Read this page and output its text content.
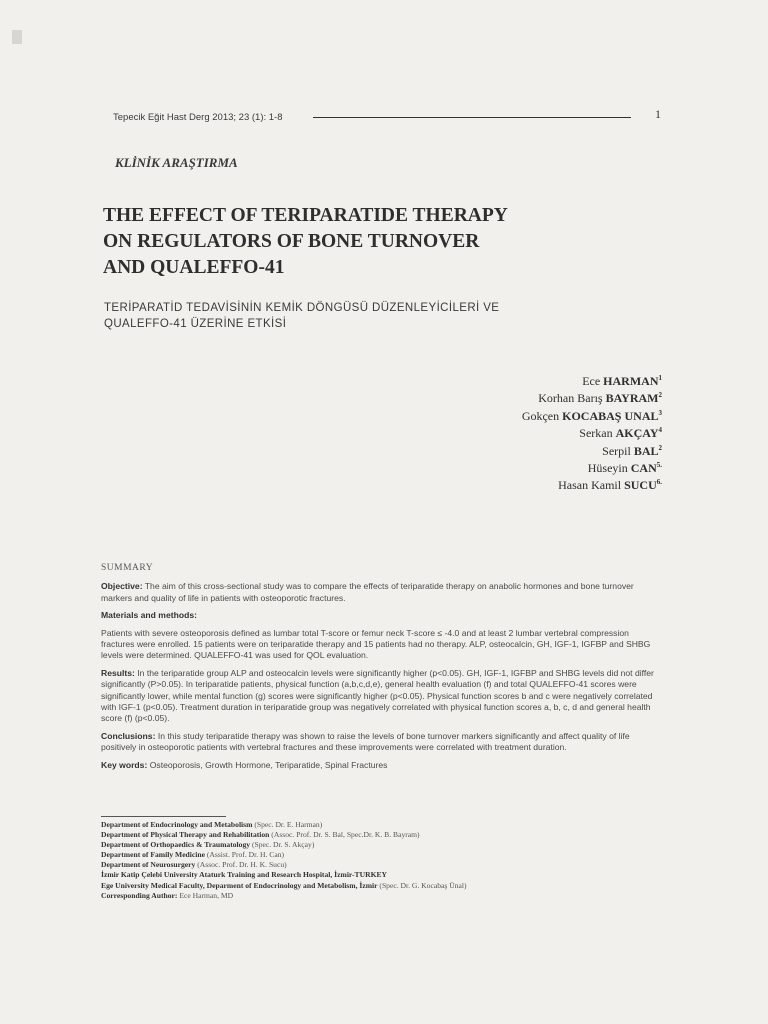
Tepecik Eğit Hast Derg 2013; 23 (1): 1-8	1
KLİNİK ARAŞTIRMA
THE EFFECT OF TERIPARATIDE THERAPY
ON REGULATORS OF BONE TURNOVER
AND QUALEFFO-41
TERİPARATİD TEDAVİSİNİN KEMİK DÖNGÜSÜ DÜZENLEYİCİLERİ VE
QUALEFFO-41 ÜZERİNE ETKİSİ
Ece HARMAN$^1$
Korhan Barış BAYRAM$^2$
Gokçen KOCABAŞ UNAL$^3$
Serkan AKÇAY$^4$
Serpil BAL$^2$
Hüseyin $CAN^{5.}$
Hasan Kamil $SUCU^{6.}$
SUMMARY

Objective: The aim of this cross-sectional study was to compare the effects of teriparatide therapy on anabolic hormones and bone turnover markers and quality of life in patients with osteoporotic fractures.

Materials and methods:

Patients with severe osteoporosis defined as lumbar total T-score or femur neck T-score ≤ -4.0 and at least 2 lumbar vertebral compression fractures were enrolled. 15 patients were on teriparatide therapy and 15 patients had no therapy. ALP, osteocalcin, GH, IGF-1, IGFBP and SHBG levels were determined. QUALEFFO-41 was used for QOL evaluation.

Results: In the teriparatide group ALP and osteocalcin levels were significantly higher (p<0.05). GH, IGF-1, IGFBP and SHBG levels did not differ significantly (P>0.05). In teriparatide patients, physical function (a,b,c,d,e), general health evaluation (f) and total QUALEFFO-41 scores were significantly lower, while mental function (g) scores were significantly higher (p<0.05). Physical function scores b and c were negatively correlated with IGF-1 (p<0.05). Treatment duration in teriparatide group was negatively correlated with physical function scores a, b, c, d and general health score (f) (p<0.05).

Conclusions: In this study teriparatide therapy was shown to raise the levels of bone turnover markers significantly and affect quality of life positively in osteoporotic patients with vertebral fractures and these improvements were correlated with treatment duration.

Key words: Osteoporosis, Growth Hormone, Teriparatide, Spinal Fractures

Department of Endocrinology and Metabolism (Spec. Dr. E. Harman)
Department of Physical Therapy and Rehabilitation (Assoc. Prof. Dr. S. Bal, Spec.Dr. K. B. Bayram)
Department of Orthopaedics & Traumatology (Spec. Dr. S. Akçay)
Department of Family Medicine (Assist. Prof. Dr. H. Can)
Department of Neurosurgery (Assoc. Prof. Dr. H. K. Sucu)
İzmir Katip Çelebi University Ataturk Training and Research Hospital, İzmir-TURKEY
Ege University Medical Faculty, Deparment of Endocrinology and Metabolism, İzmir (Spec. Dr. G. Kocabaş Ünal)
Corresponding Author: Ece Harman, MD
